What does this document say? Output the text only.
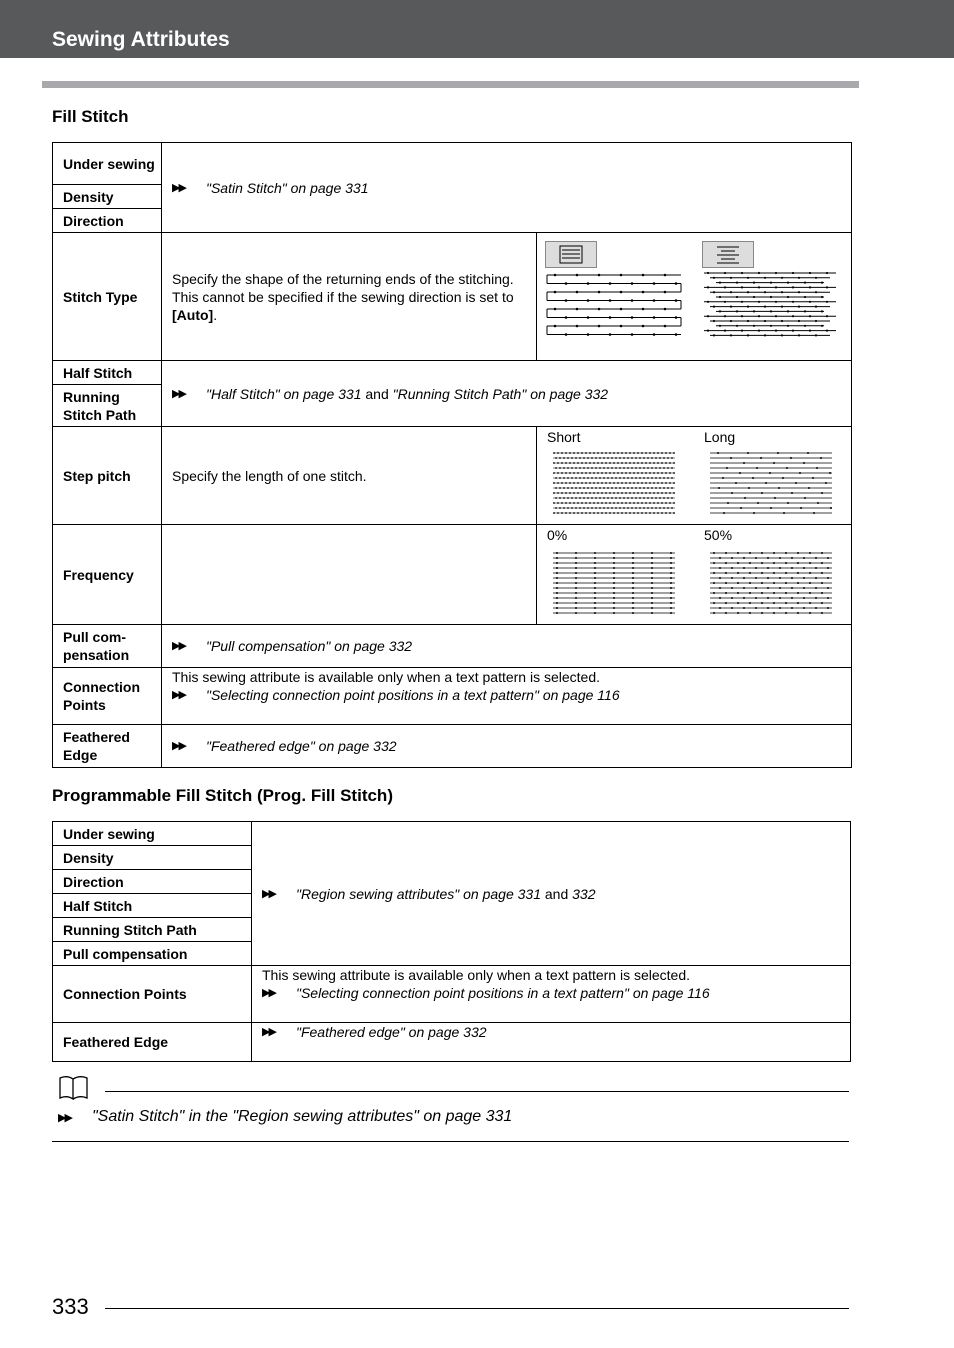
Sewing Attributes
Fill Stitch
Under sewing	▶▶ "Satin Stitch" on page 331	

Density		
Direction		
Stitch Type	Specify the shape of the returning ends of the stitching. This cannot be specified if the sewing direction is set to [Auto].	

Half Stitch	▶▶ "Half Stitch" on page 331 and "Running Stitch Path" on page 332	

Running Stitch Path		
Step pitch	Specify the length of one stitch.	Short Long

Frequency		0% 50%

Pull com-pensation	▶▶ "Pull compensation" on page 332	

Connection Points	This sewing attribute is available only when a text pattern is selected.
▶▶ "Selecting connection point positions in a text pattern" on page 116	

Feathered Edge	▶▶ "Feathered edge" on page 332	
Programmable Fill Stitch (Prog. Fill Stitch)
Under sewing	▶▶ "Region sewing attributes" on page 331 and 332

Density	
Direction	
Half Stitch	
Running Stitch Path	
Pull compensation	
Connection Points	This sewing attribute is available only when a text pattern is selected.
▶▶ "Selecting connection point positions in a text pattern" on page 116

Feathered Edge	▶▶ "Feathered edge" on page 332
▶▶	"Satin Stitch" in the "Region sewing attributes" on page 331
333
